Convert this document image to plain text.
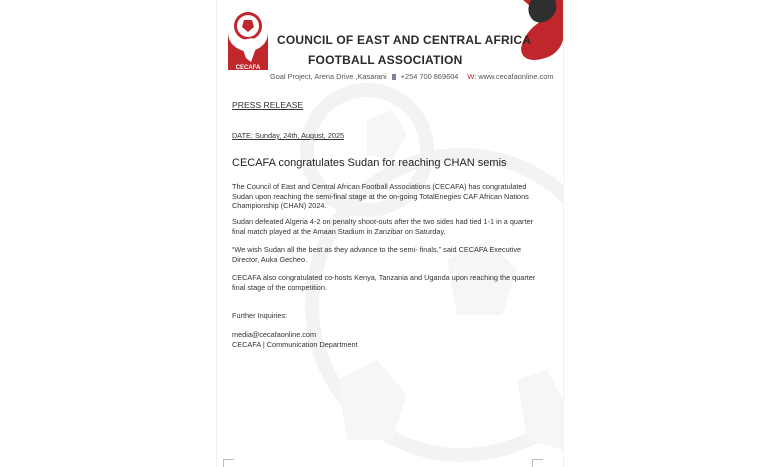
CECAFA
COUNCIL OF EAST AND CENTRAL AFRICA
FOOTBALL ASSOCIATION
Goal Project, Arena Drive ,Kasarani +254 700 869604 W: www.cecafaonline.com
PRESS RELEASE
DATE: Sunday, 24th, August, 2025
CECAFA congratulates Sudan for reaching CHAN semis
The Council of East and Central African Football Associations (CECAFA) has congratulated Sudan upon reaching the semi-final stage at the on-going TotalEnegies CAF African Nations Championship (CHAN) 2024.
Sudan defeated Algeria 4-2 on penalty shoot-outs after the two sides had tied 1-1 in a quarter final match played at the Amaan Stadium in Zanzibar on Saturday.
“We wish Sudan all the best as they advance to the semi- finals,” said CECAFA Executive Director, Auka Gecheo.
CECAFA also congratulated co-hosts Kenya, Tanzania and Uganda upon reaching the quarter final stage of the competition.
Further Inquiries:
media@cecafaonline.com
CECAFA | Communication Department
